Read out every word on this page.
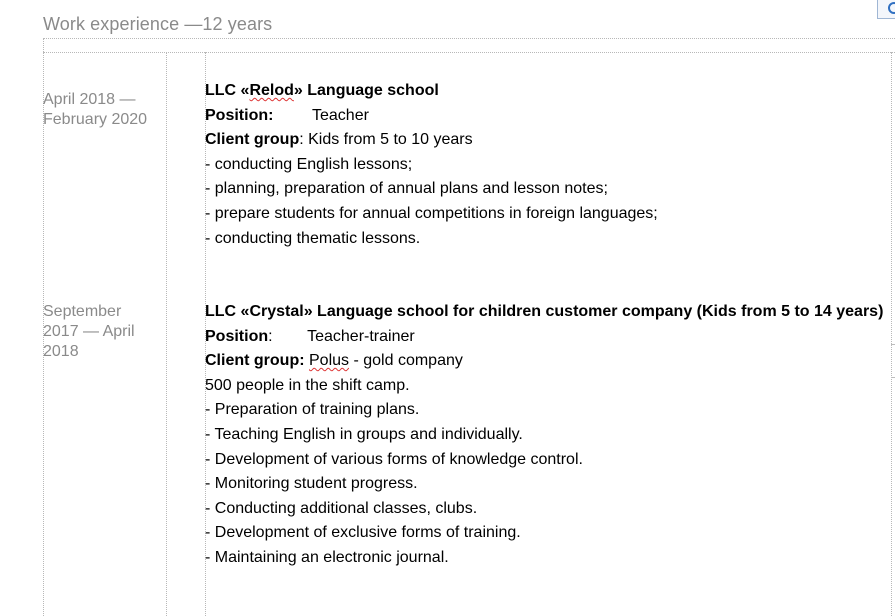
Work experience —12 years
April 2018 — February 2020
LLC «Relod» Language school
Position: Teacher
Client group: Kids from 5 to 10 years
- conducting English lessons;
- planning, preparation of annual plans and lesson notes;
- prepare students for annual competitions in foreign languages;
- conducting thematic lessons.
September 2017 — April 2018
LLC «Crystal» Language school for children customer company (Kids from 5 to 14 years)
Position: Teacher-trainer
Client group: Polus - gold company
500 people in the shift camp.
- Preparation of training plans.
- Teaching English in groups and individually.
- Development of various forms of knowledge control.
- Monitoring student progress.
- Conducting additional classes, clubs.
- Development of exclusive forms of training.
- Maintaining an electronic journal.
